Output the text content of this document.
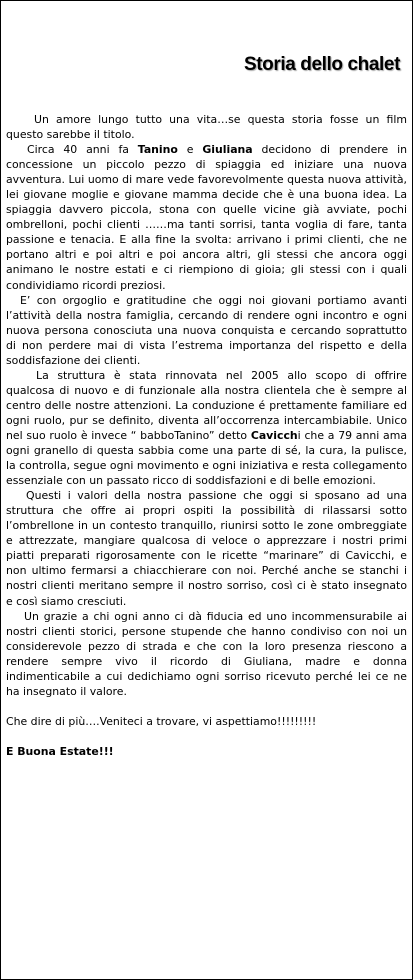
Storia dello chalet

Un amore lungo tutto una vita…se questa storia fosse un film questo sarebbe il titolo.

Circa 40 anni fa Tanino e Giuliana decidono di prendere in concessione un piccolo pezzo di spiaggia ed iniziare una nuova avventura. Lui uomo di mare vede favorevolmente questa nuova attività, lei giovane moglie e giovane mamma decide che è una buona idea. La spiaggia davvero piccola, stona con quelle vicine già avviate, pochi ombrelloni, pochi clienti ……ma tanti sorrisi, tanta voglia di fare, tanta passione e tenacia. E alla fine la svolta: arrivano i primi clienti, che ne portano altri e poi altri e poi ancora altri, gli stessi che ancora oggi animano le nostre estati e ci riempiono di gioia; gli stessi con i quali condividiamo ricordi preziosi.

E’ con orgoglio e gratitudine che oggi noi giovani portiamo avanti l’attività della nostra famiglia, cercando di rendere ogni incontro e ogni nuova persona conosciuta una nuova conquista e cercando soprattutto di non perdere mai di vista l’estrema importanza del rispetto e della soddisfazione dei clienti.

La struttura è stata rinnovata nel 2005 allo scopo di offrire qualcosa di nuovo e di funzionale alla nostra clientela che è sempre al centro delle nostre attenzioni. La conduzione é prettamente familiare ed ogni ruolo, pur se definito, diventa all’occorrenza intercambiabile. Unico nel suo ruolo è invece “ babboTanino” detto Cavicchi che a 79 anni ama ogni granello di questa sabbia come una parte di sé, la cura, la pulisce, la controlla, segue ogni movimento e ogni iniziativa e resta collegamento essenziale con un passato ricco di soddisfazioni e di belle emozioni.

Questi i valori della nostra passione che oggi si sposano ad una struttura che offre ai propri ospiti la possibilità di rilassarsi sotto l’ombrellone in un contesto tranquillo, riunirsi sotto le zone ombreggiate e attrezzate, mangiare qualcosa di veloce o apprezzare i nostri primi piatti preparati rigorosamente con le ricette “marinare” di Cavicchi, e non ultimo fermarsi a chiacchierare con noi. Perché anche se stanchi i nostri clienti meritano sempre il nostro sorriso, così ci è stato insegnato e così siamo cresciuti.

Un grazie a chi ogni anno ci dà fiducia ed uno incommensurabile ai nostri clienti storici, persone stupende che hanno condiviso con noi un considerevole pezzo di strada e che con la loro presenza riescono a rendere sempre vivo il ricordo di Giuliana, madre e donna indimenticabile a cui dedichiamo ogni sorriso ricevuto perché lei ce ne ha insegnato il valore.

Che dire di più….Veniteci a trovare, vi aspettiamo!!!!!!!!!

E Buona Estate!!!
